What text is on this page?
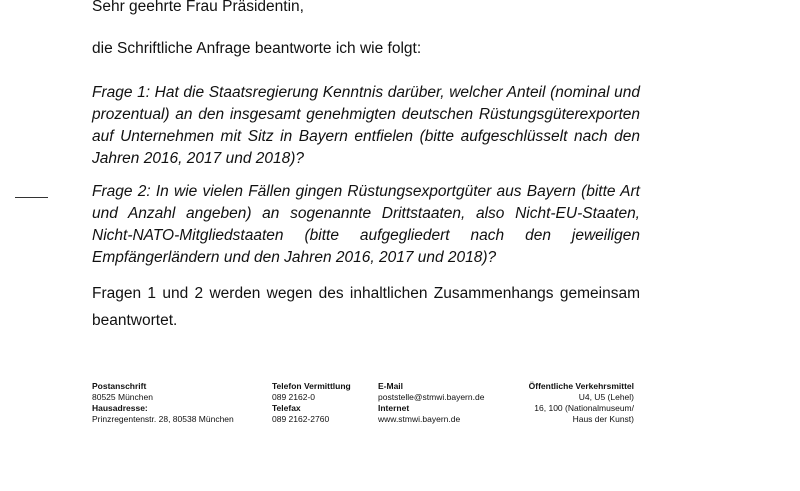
Sehr geehrte Frau Präsidentin,
die Schriftliche Anfrage beantworte ich wie folgt:

Frage 1: Hat die Staatsregierung Kenntnis darüber, welcher Anteil (nominal und prozentual) an den insgesamt genehmigten deutschen Rüstungsgüterexporten auf Unternehmen mit Sitz in Bayern entfielen (bitte aufgeschlüsselt nach den Jahren 2016, 2017 und 2018)?

Frage 2: In wie vielen Fällen gingen Rüstungsexportgüter aus Bayern (bitte Art und Anzahl angeben) an sogenannte Drittstaaten, also Nicht-EU-Staaten, Nicht-NATO-Mitgliedstaaten (bitte aufgegliedert nach den jeweiligen Empfängerländern und den Jahren 2016, 2017 und 2018)?

Fragen 1 und 2 werden wegen des inhaltlichen Zusammenhangs gemeinsam beantwortet.

Postanschrift
80525 München
Hausadresse:
Prinzregentenstr. 28, 80538 München
Telefon Vermittlung
089 2162-0
Telefax
089 2162-2760
E-Mail
poststelle@stmwi.bayern.de
Internet
www.stmwi.bayern.de
Öffentliche Verkehrsmittel
U4, U5 (Lehel)
16, 100 (Nationalmuseum/
Haus der Kunst)
